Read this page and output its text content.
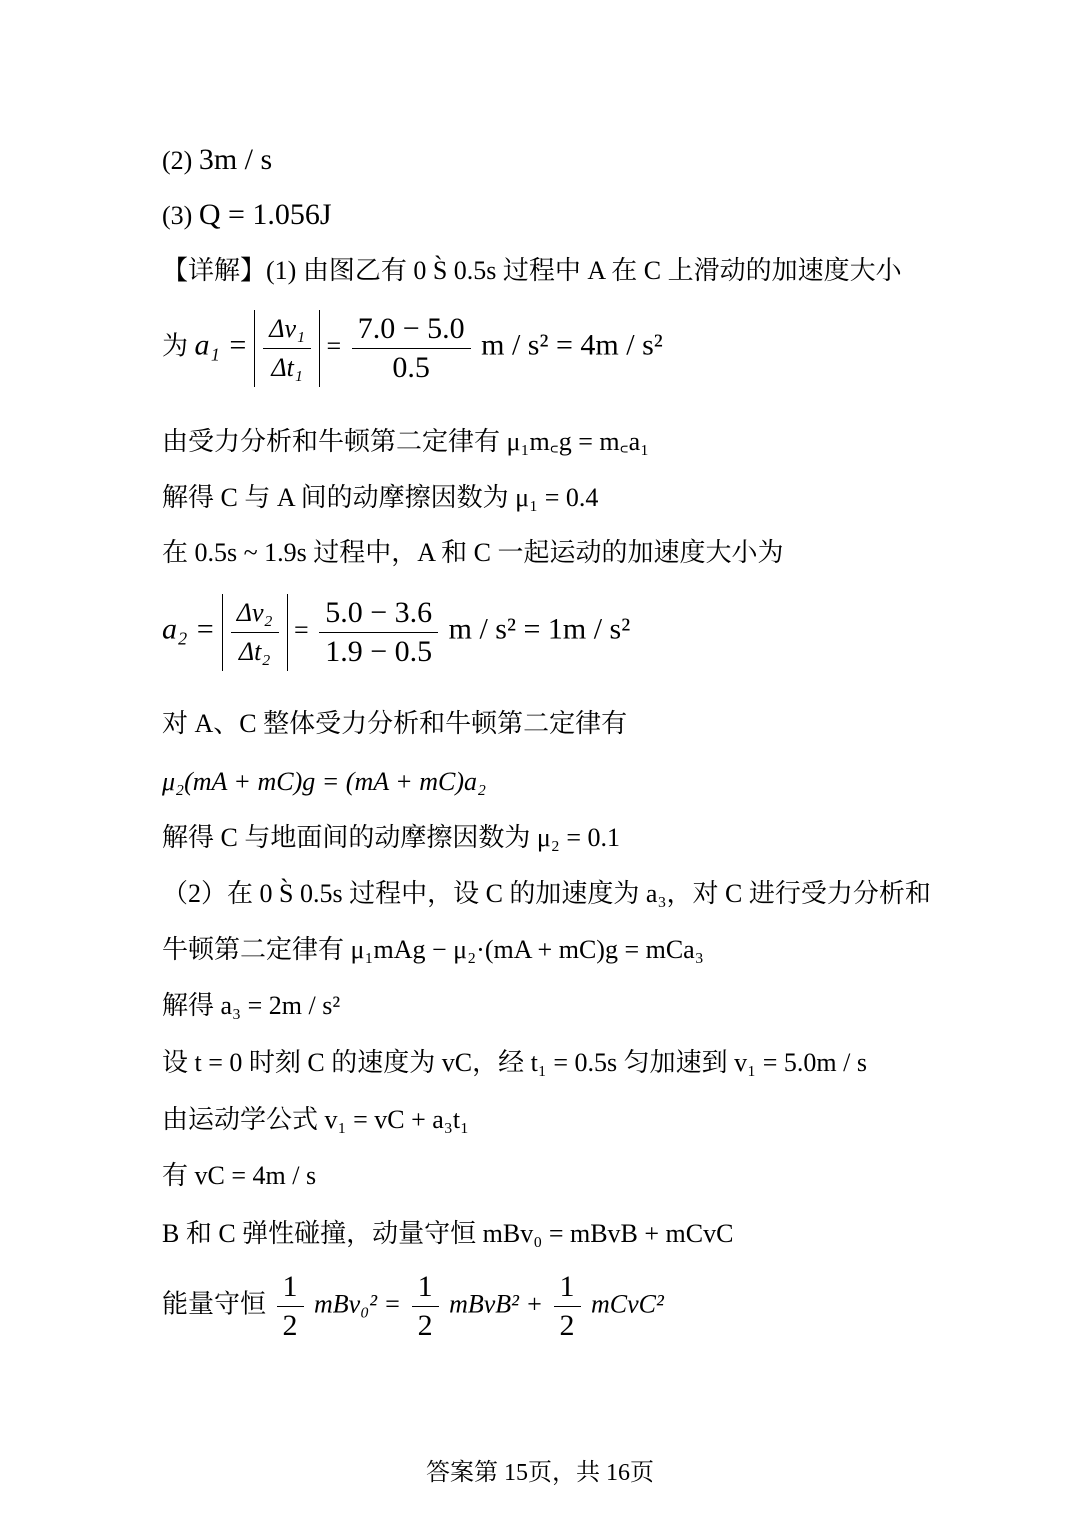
(2) 3m / s
(3) Q = 1.056J
【详解】(1) 由图乙有 0 S̀ 0.5s 过程中 A 在 C 上滑动的加速度大小
为 $a_1 = \frac{\text{Δv₁}}{\text{Δt₁}} = \frac{7.0 - 5.0}{0.5}$ m / s² = 4m / s²
由受力分析和牛顿第二定律有 μ₁m꜀g = m꜀a₁
解得 C 与 A 间的动摩擦因数为 μ₁ = 0.4
在 0.5s ~ 1.9s 过程中，A 和 C 一起运动的加速度大小为
$a_2 = \frac{\text{Δv₂}}{\text{Δt₂}} = \frac{5.0 - 3.6}{1.9 - 0.5}$ m / s² = 1m / s²
对 A、C 整体受力分析和牛顿第二定律有
μ₂(mA + mC)g = (mA + mC)a₂
解得 C 与地面间的动摩擦因数为 μ₂ = 0.1
（2）在 0 S̀ 0.5s 过程中，设 C 的加速度为 a₃，对 C 进行受力分析和
牛顿第二定律有 μ₁mAg − μ₂·(mA + mC)g = mCa₃
解得 a₃ = 2m / s²
设 t = 0 时刻 C 的速度为 vC，经 t₁ = 0.5s 匀加速到 v₁ = 5.0m / s
由运动学公式 v₁ = vC + a₃t₁
有 vC = 4m / s
B 和 C 弹性碰撞，动量守恒 mBv₀ = mBvB + mCvC
能量守恒 $\frac{1}{2} mBv_0^2 = \frac{1}{2}$ mBvB² + $\frac{1}{2}$ mCvC²
答案第 15页，共 16页
